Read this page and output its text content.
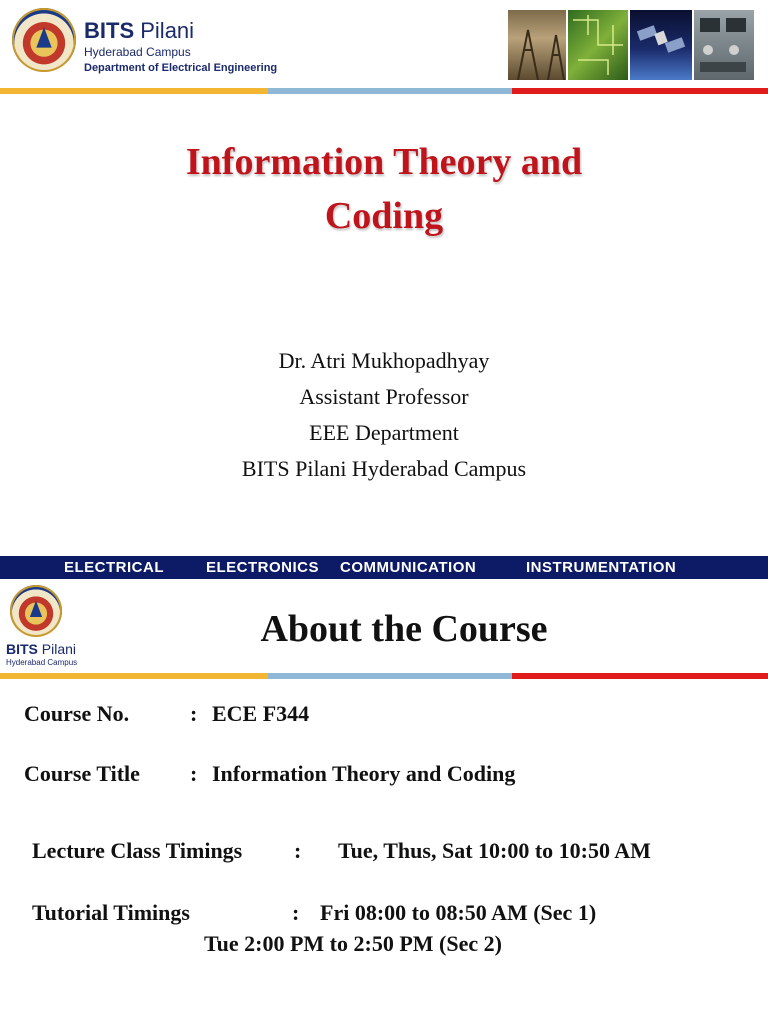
BITS Pilani
Hyderabad Campus
Department of Electrical Engineering
Information Theory and
Coding
Dr. Atri Mukhopadhyay
Assistant Professor
EEE Department
BITS Pilani Hyderabad Campus
ELECTRICAL	ELECTRONICS COMMUNICATION	INSTRUMENTATION
BITS Pilani
Hyderabad Campus
About the Course
Course No.	: ECE F344
Course Title : Information Theory and Coding
Lecture Class Timings : Tue, Thus, Sat 10:00 to 10:50 AM
Tutorial Timings	: Fri 08:00 to 08:50 AM (Sec 1)
Tue 2:00 PM to 2:50 PM (Sec 2)
